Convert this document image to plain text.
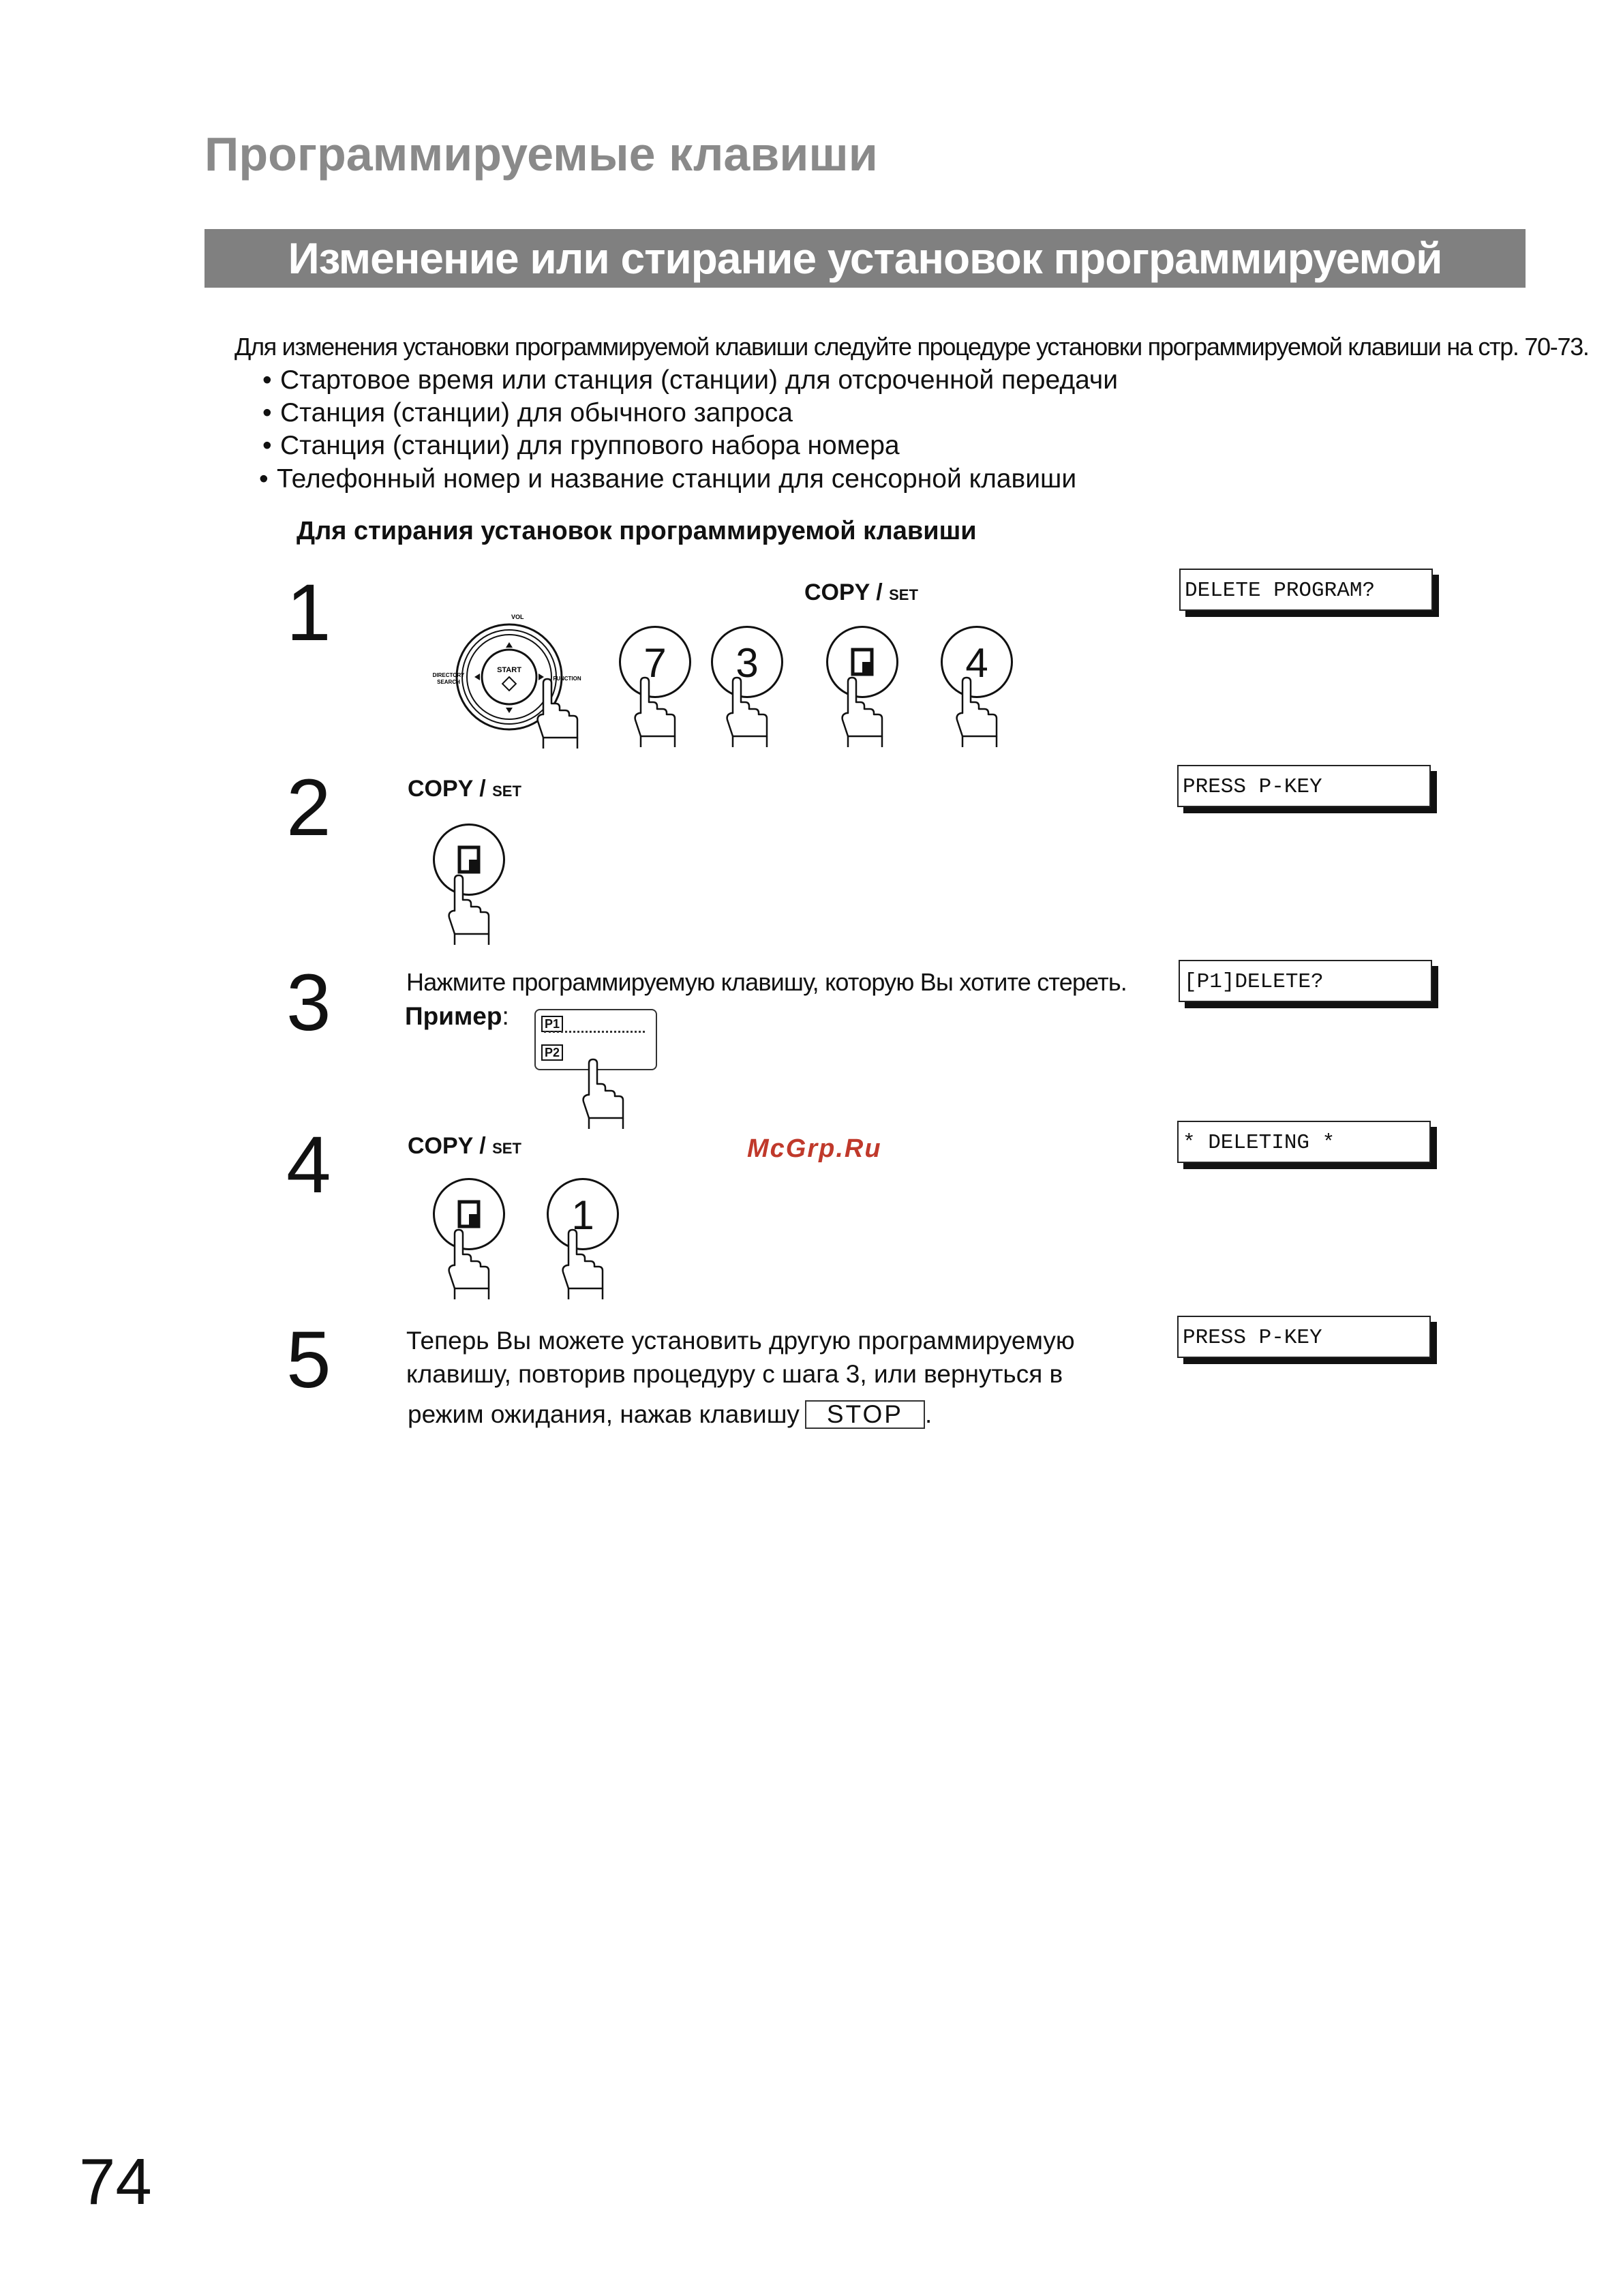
Программируемые клавиши
Изменение или стирание установок программируемой клавиши
Для изменения установки программируемой клавиши следуйте процедуре установки программируемой клавиши на стр. 70-73.
• Стартовое время или станция (станции) для отсроченной передачи
• Станция (станции) для обычного запроса
• Станция (станции) для группового набора номера
• Телефонный номер и название станции для сенсорной клавиши
Для стирания установок программируемой клавиши
1	COPY / SET
START
VOL
DIRECTORY
SEARCH
FUNCTION	7	3	4
DELETE PROGRAM?
2	COPY / SET	PRESS P-KEY
3	Нажмите программируемую клавишу, которую Вы хотите стереть.
Пример:	P1
P2
[P1]DELETE?
4	COPY / SET	McGrp.Ru
1
* DELETING *
5	Теперь Вы можете установить другую программируемую
клавишу, повторив процедуру с шага 3, или вернуться в
режим ожидания, нажав клавишу STOP .
PRESS P-KEY
74
